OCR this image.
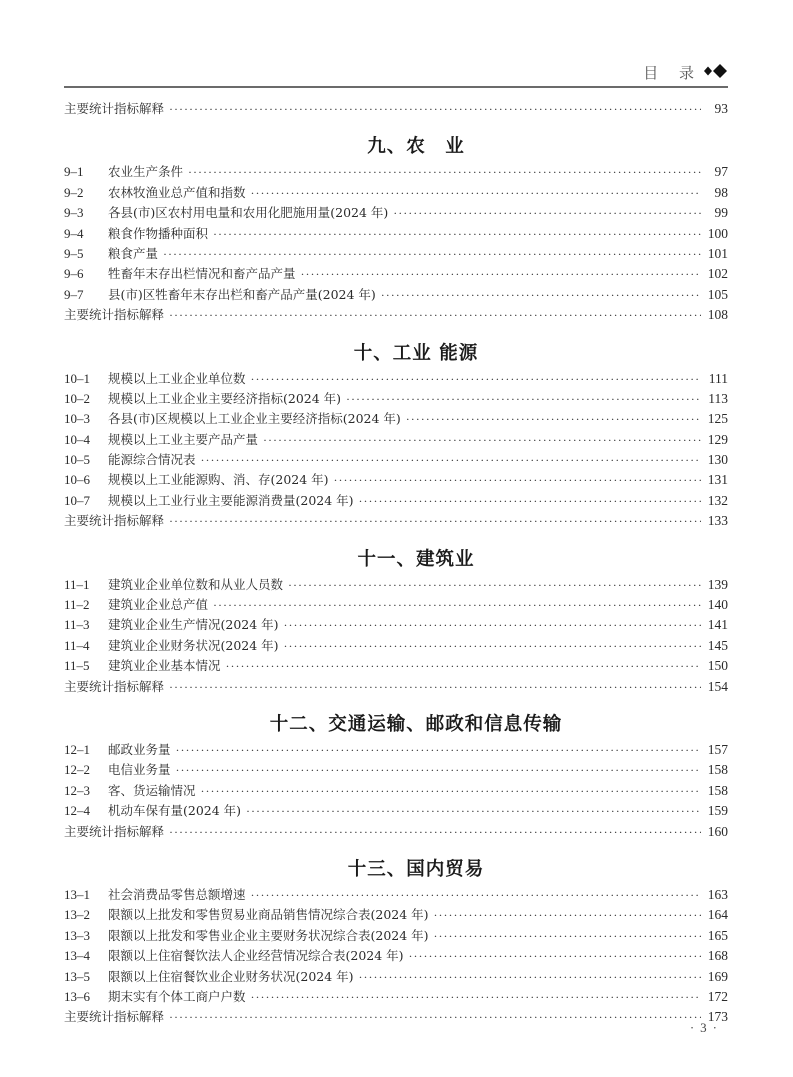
目 录
主要统计指标解释 ·····	93
九、农　业
9–1	农业生产条件 ·····	97
9–2	农林牧渔业总产值和指数 ·····	98
9–3	各县(市)区农村用电量和农用化肥施用量(2024 年) ·····	99
9–4	粮食作物播种面积 ·····	100
9–5	粮食产量 ·····	101
9–6	牲畜年末存出栏情况和畜产品产量 ·····	102
9–7	县(市)区牲畜年末存出栏和畜产品产量(2024 年) ·····	105
主要统计指标解释 ·····	108
十、工业 能源
10–1	规模以上工业企业单位数 ·····	111
10–2	规模以上工业企业主要经济指标(2024 年) ·····	113
10–3	各县(市)区规模以上工业企业主要经济指标(2024 年) ·····	125
10–4	规模以上工业主要产品产量 ·····	129
10–5	能源综合情况表 ·····	130
10–6	规模以上工业能源购、消、存(2024 年) ·····	131
10–7	规模以上工业行业主要能源消费量(2024 年) ·····	132
主要统计指标解释 ·····	133
十一、建筑业
11–1	建筑业企业单位数和从业人员数 ·····	139
11–2	建筑业企业总产值 ·····	140
11–3	建筑业企业生产情况(2024 年) ·····	141
11–4	建筑业企业财务状况(2024 年) ·····	145
11–5	建筑业企业基本情况 ·····	150
主要统计指标解释 ·····	154
十二、交通运输、邮政和信息传输
12–1	邮政业务量 ·····	157
12–2	电信业务量 ·····	158
12–3	客、货运输情况 ·····	158
12–4	机动车保有量(2024 年) ·····	159
主要统计指标解释 ·····	160
十三、国内贸易
13–1	社会消费品零售总额增速 ·····	163
13–2	限额以上批发和零售贸易业商品销售情况综合表(2024 年) ·····	164
13–3	限额以上批发和零售业企业主要财务状况综合表(2024 年) ·····	165
13–4	限额以上住宿餐饮法人企业经营情况综合表(2024 年) ·····	168
13–5	限额以上住宿餐饮业企业财务状况(2024 年) ·····	169
13–6	期末实有个体工商户户数 ·····	172
主要统计指标解释 ·····	173
· 3 ·
